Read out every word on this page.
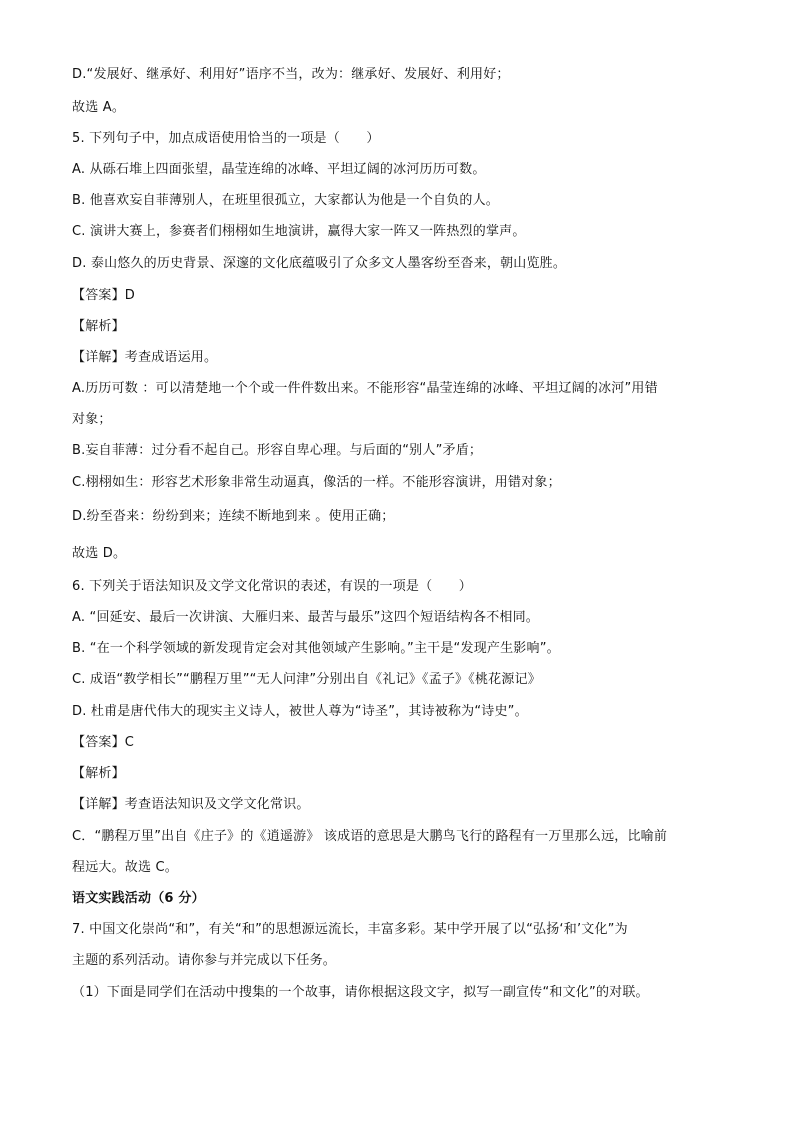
D.“发展好、继承好、利用好”语序不当，改为：继承好、发展好、利用好；
故选 A。
5. 下列句子中，加点成语使用恰当的一项是（　　）
A. 从砾石堆上四面张望，晶莹连绵的冰峰、平坦辽阔的冰河历历可数。
B. 他喜欢妄自菲薄别人，在班里很孤立，大家都认为他是一个自负的人。
C. 演讲大赛上，参赛者们栩栩如生地演讲，赢得大家一阵又一阵热烈的掌声。
D. 泰山悠久的历史背景、深邃的文化底蕴吸引了众多文人墨客纷至沓来，朝山览胜。
【答案】D
【解析】
【详解】考查成语运用。
A.历历可数 ：可以清楚地一个个或一件件数出来。不能形容“晶莹连绵的冰峰、平坦辽阔的冰河”用错
对象；
B.妄自菲薄：过分看不起自己。形容自卑心理。与后面的“别人”矛盾；
C.栩栩如生：形容艺术形象非常生动逼真，像活的一样。不能形容演讲，用错对象；
D.纷至沓来：纷纷到来；连续不断地到来 。使用正确；
故选 D。
6. 下列关于语法知识及文学文化常识的表述，有误的一项是（　　）
A. “回延安、最后一次讲演、大雁归来、最苦与最乐”这四个短语结构各不相同。
B. “在一个科学领域的新发现肯定会对其他领域产生影响。”主干是“发现产生影响”。
C. 成语“教学相长”“鹏程万里”“无人问津”分别出自《礼记》《孟子》《桃花源记》
D. 杜甫是唐代伟大的现实主义诗人，被世人尊为“诗圣”，其诗被称为“诗史”。
【答案】C
【解析】
【详解】考查语法知识及文学文化常识。
C．“鹏程万里”出自《庄子》的《逍遥游》 该成语的意思是大鹏鸟飞行的路程有一万里那么远，比喻前
程远大。故选 C。
语文实践活动（6 分）
7. 中国文化崇尚“和”，有关“和”的思想源远流长，丰富多彩。某中学开展了以“弘扬‘和’文化”为
主题的系列活动。请你参与并完成以下任务。
（1）下面是同学们在活动中搜集的一个故事，请你根据这段文字，拟写一副宣传“和文化”的对联。
